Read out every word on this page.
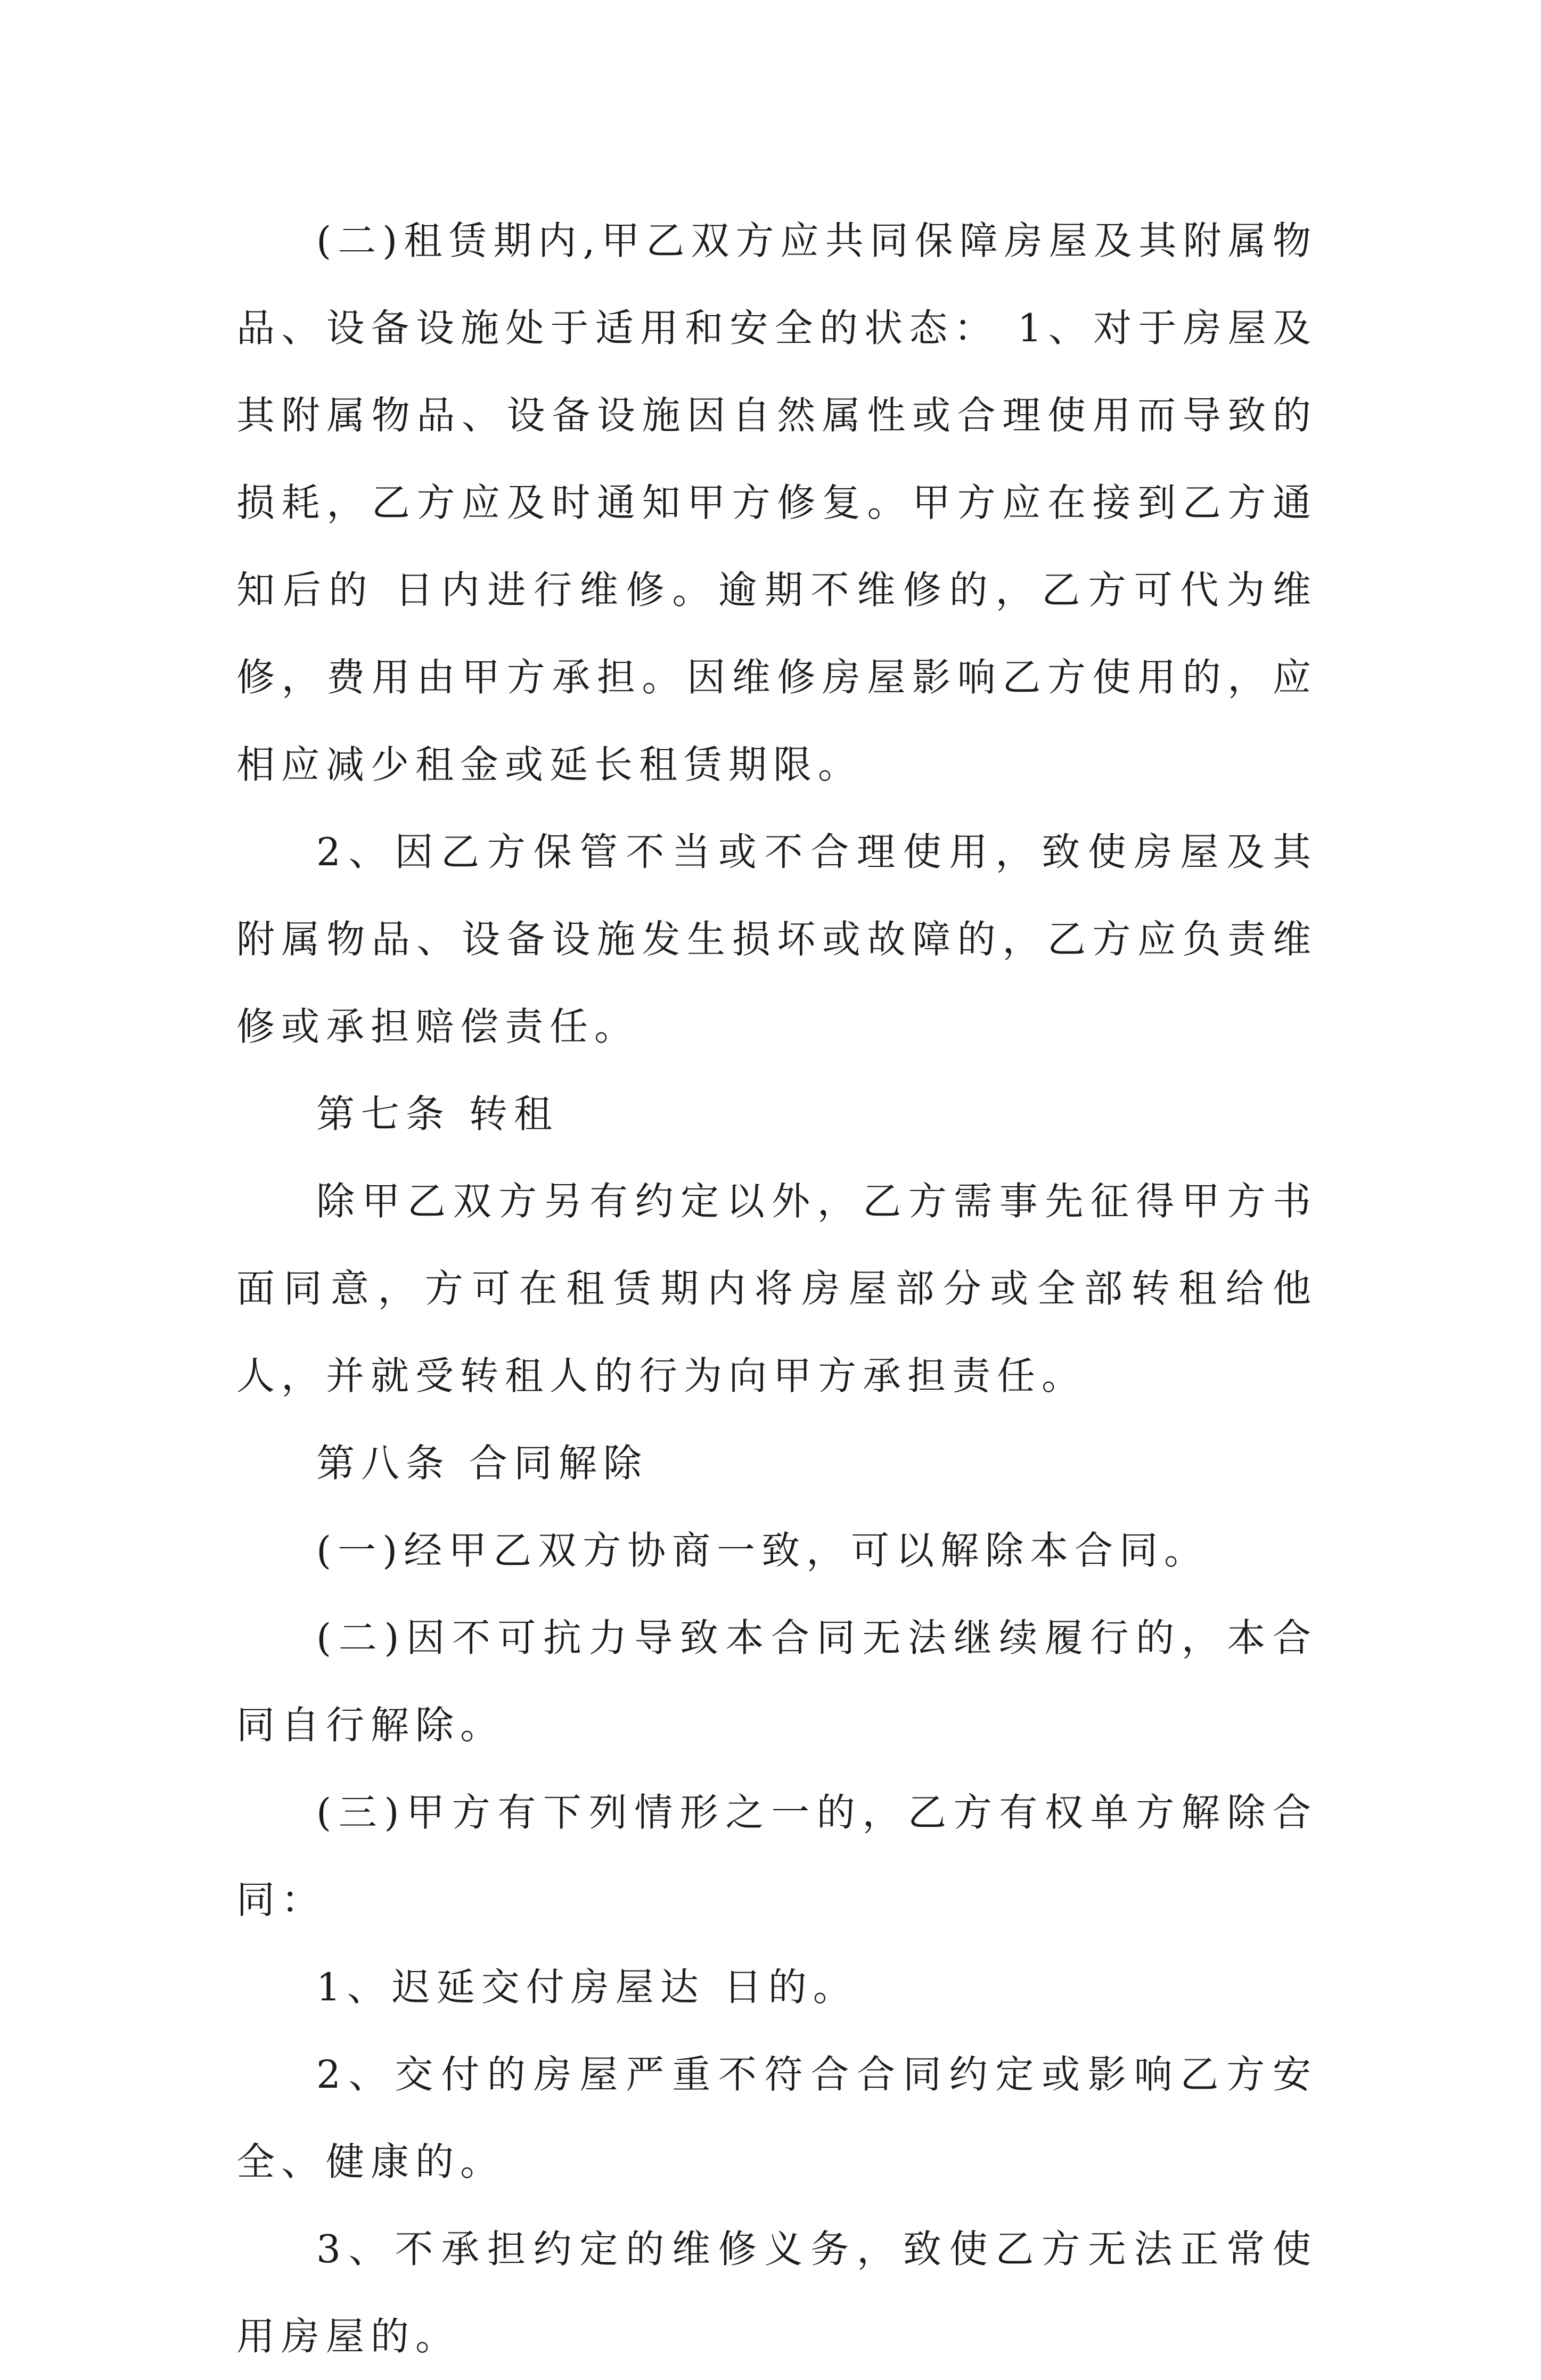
(二)租赁期内,甲乙双方应共同保障房屋及其附属物品、设备设施处于适用和安全的状态： 1、对于房屋及其附属物品、设备设施因自然属性或合理使用而导致的损耗，乙方应及时通知甲方修复。甲方应在接到乙方通知后的 日内进行维修。逾期不维修的，乙方可代为维修，费用由甲方承担。因维修房屋影响乙方使用的，应相应减少租金或延长租赁期限。

2、因乙方保管不当或不合理使用，致使房屋及其附属物品、设备设施发生损坏或故障的，乙方应负责维修或承担赔偿责任。

第七条 转租

除甲乙双方另有约定以外，乙方需事先征得甲方书面同意，方可在租赁期内将房屋部分或全部转租给他人，并就受转租人的行为向甲方承担责任。

第八条 合同解除

(一)经甲乙双方协商一致，可以解除本合同。

(二)因不可抗力导致本合同无法继续履行的，本合同自行解除。

(三)甲方有下列情形之一的，乙方有权单方解除合同：

1、迟延交付房屋达 日的。

2、交付的房屋严重不符合合同约定或影响乙方安全、健康的。

3、不承担约定的维修义务，致使乙方无法正常使用房屋的。
